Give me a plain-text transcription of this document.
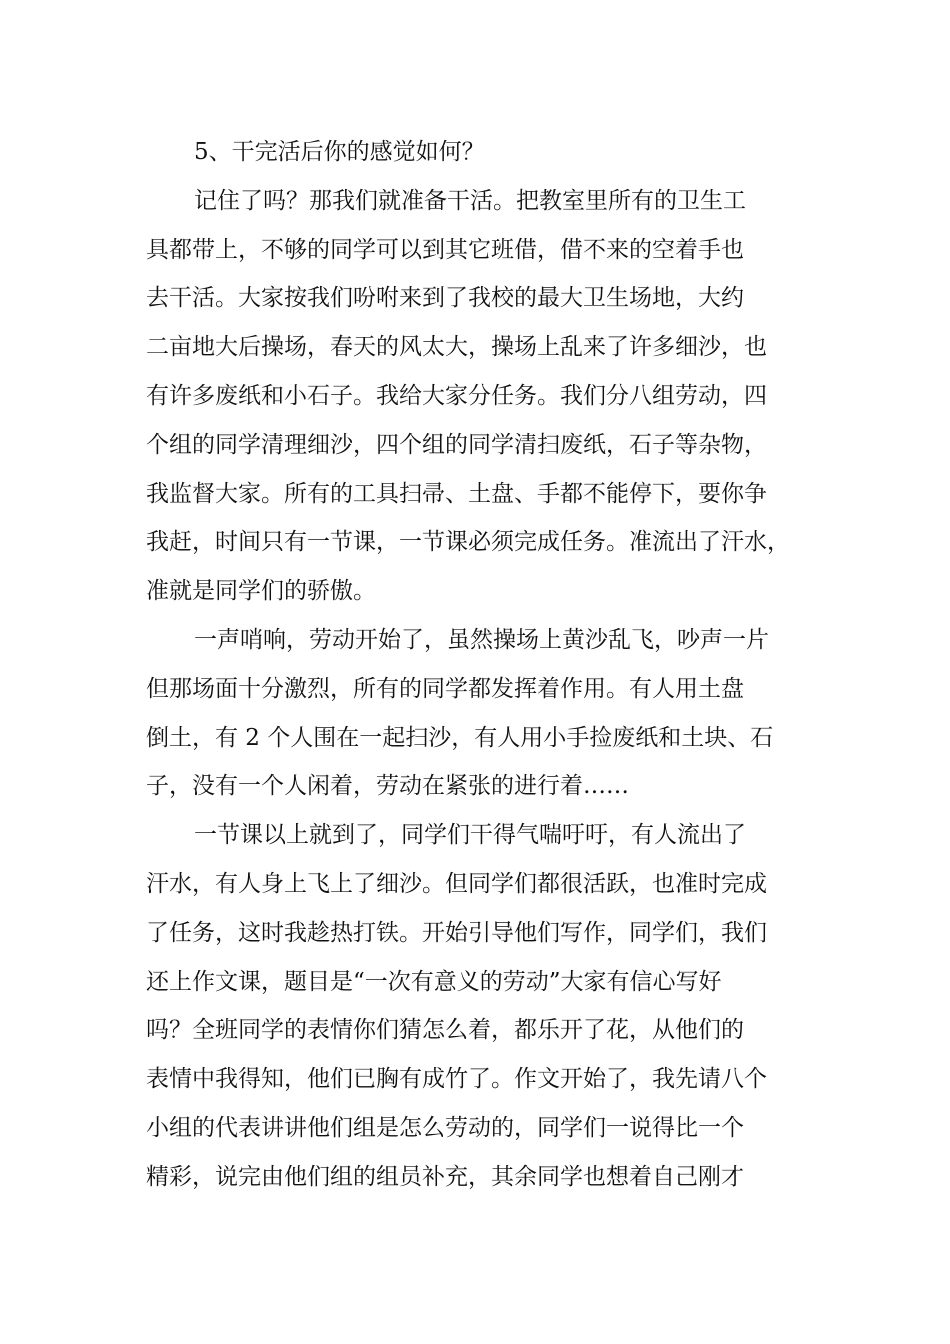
5、干完活后你的感觉如何？
记住了吗？那我们就准备干活。把教室里所有的卫生工
具都带上，不够的同学可以到其它班借，借不来的空着手也
去干活。大家按我们吩咐来到了我校的最大卫生场地，大约
二亩地大后操场，春天的风太大，操场上乱来了许多细沙，也
有许多废纸和小石子。我给大家分任务。我们分八组劳动，四
个组的同学清理细沙，四个组的同学清扫废纸，石子等杂物，
我监督大家。所有的工具扫帚、土盘、手都不能停下，要你争
我赶，时间只有一节课，一节课必须完成任务。准流出了汗水，
准就是同学们的骄傲。
一声哨响，劳动开始了，虽然操场上黄沙乱飞，吵声一片
但那场面十分激烈，所有的同学都发挥着作用。有人用土盘
倒土，有 2 个人围在一起扫沙，有人用小手捡废纸和土块、石
子，没有一个人闲着，劳动在紧张的进行着……
一节课以上就到了，同学们干得气喘吁吁，有人流出了
汗水，有人身上飞上了细沙。但同学们都很活跃，也准时完成
了任务，这时我趁热打铁。开始引导他们写作，同学们，我们
还上作文课，题目是“一次有意义的劳动”大家有信心写好
吗？全班同学的表情你们猜怎么着，都乐开了花，从他们的
表情中我得知，他们已胸有成竹了。作文开始了，我先请八个
小组的代表讲讲他们组是怎么劳动的，同学们一说得比一个
精彩，说完由他们组的组员补充，其余同学也想着自己刚才
